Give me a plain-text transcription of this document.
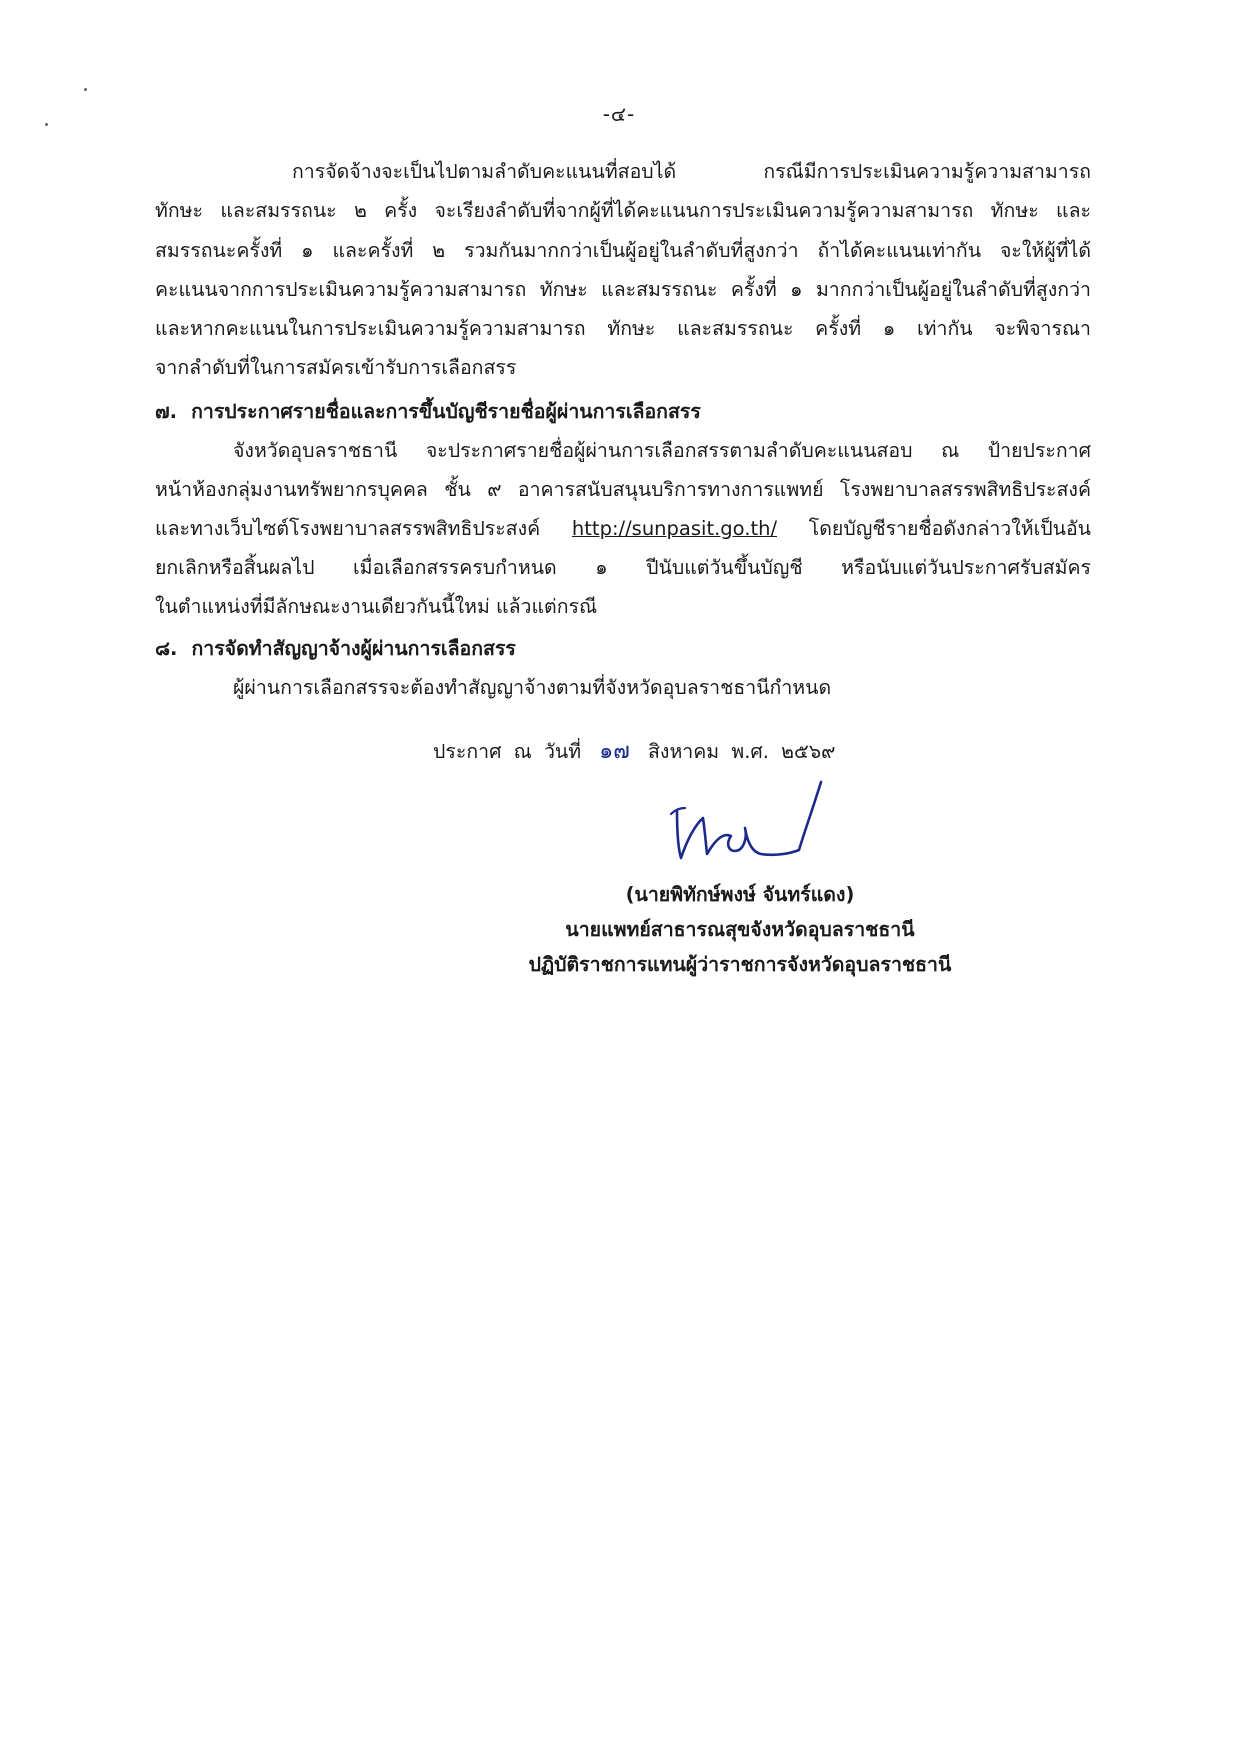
-๔-
การจัดจ้างจะเป็นไปตามลำดับคะแนนที่สอบได้ กรณีมีการประเมินความรู้ความสามารถ
ทักษะ และสมรรถนะ ๒ ครั้ง จะเรียงลำดับที่จากผู้ที่ได้คะแนนการประเมินความรู้ความสามารถ ทักษะ และ
สมรรถนะครั้งที่ ๑ และครั้งที่ ๒ รวมกันมากกว่าเป็นผู้อยู่ในลำดับที่สูงกว่า ถ้าได้คะแนนเท่ากัน จะให้ผู้ที่ได้
คะแนนจากการประเมินความรู้ความสามารถ ทักษะ และสมรรถนะ ครั้งที่ ๑ มากกว่าเป็นผู้อยู่ในลำดับที่สูงกว่า
และหากคะแนนในการประเมินความรู้ความสามารถ ทักษะ และสมรรถนะ ครั้งที่ ๑ เท่ากัน จะพิจารณา
จากลำดับที่ในการสมัครเข้ารับการเลือกสรร
๗. การประกาศรายชื่อและการขึ้นบัญชีรายชื่อผู้ผ่านการเลือกสรร
จังหวัดอุบลราชธานี จะประกาศรายชื่อผู้ผ่านการเลือกสรรตามลำดับคะแนนสอบ ณ ป้ายประกาศ
หน้าห้องกลุ่มงานทรัพยากรบุคคล ชั้น ๙ อาคารสนับสนุนบริการทางการแพทย์ โรงพยาบาลสรรพสิทธิประสงค์
และทางเว็บไซต์โรงพยาบาลสรรพสิทธิประสงค์ http://sunpasit.go.th/ โดยบัญชีรายชื่อดังกล่าวให้เป็นอัน
ยกเลิกหรือสิ้นผลไป เมื่อเลือกสรรครบกำหนด ๑ ปีนับแต่วันขึ้นบัญชี หรือนับแต่วันประกาศรับสมัคร
ในตำแหน่งที่มีลักษณะงานเดียวกันนี้ใหม่ แล้วแต่กรณี
๘. การจัดทำสัญญาจ้างผู้ผ่านการเลือกสรร
ผู้ผ่านการเลือกสรรจะต้องทำสัญญาจ้างตามที่จังหวัดอุบลราชธานีกำหนด
ประกาศ ณ วันที่ ๑๗ สิงหาคม พ.ศ. ๒๕๖๙
(นายพิทักษ์พงษ์ จันทร์แดง)
นายแพทย์สาธารณสุขจังหวัดอุบลราชธานี
ปฏิบัติราชการแทนผู้ว่าราชการจังหวัดอุบลราชธานี
